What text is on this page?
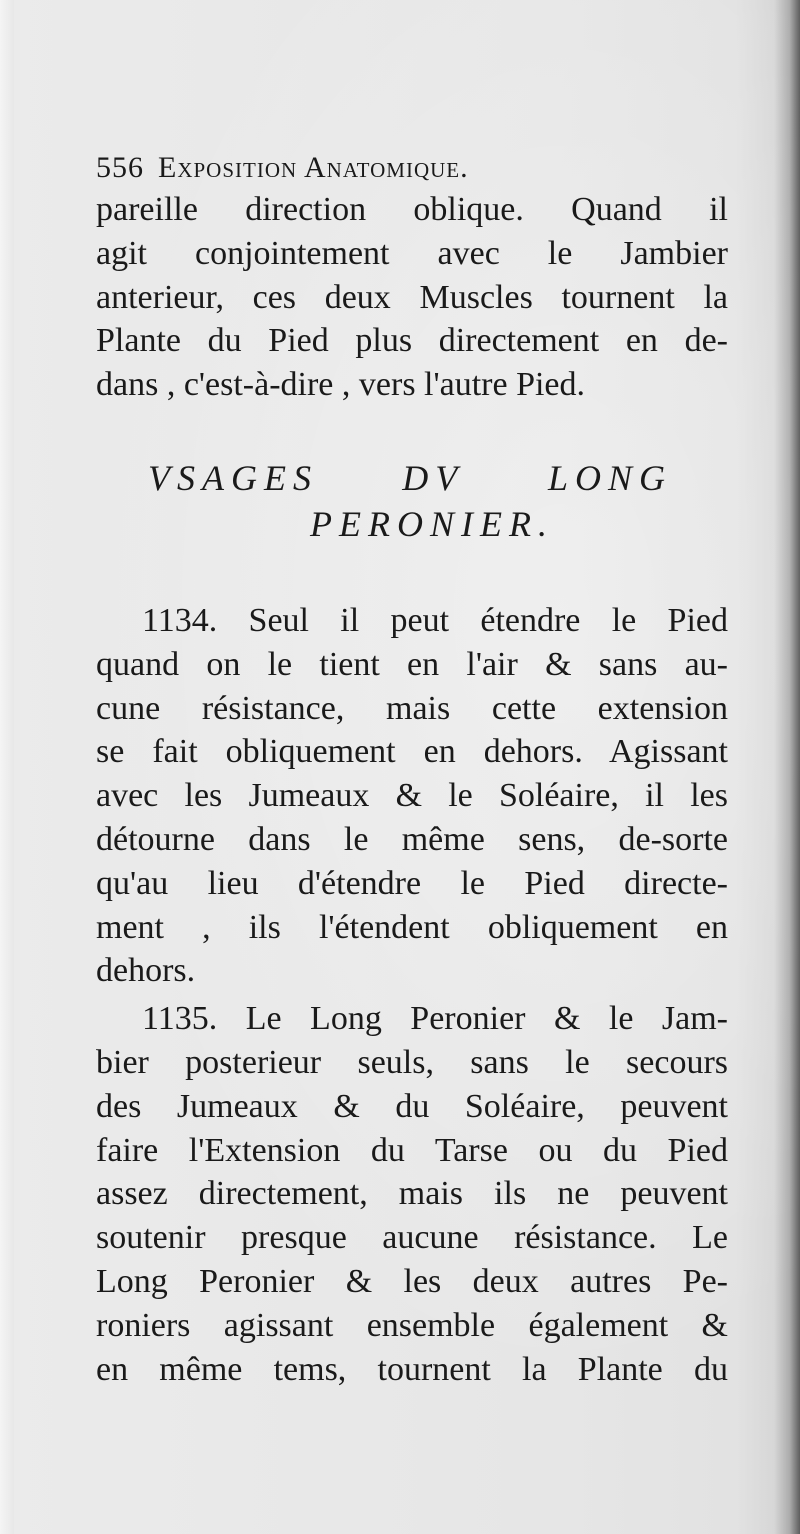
556 Exposition Anatomique.
pareille direction oblique. Quand il
agit conjointement avec le Jambier
anterieur, ces deux Muscles tournent la
Plante du Pied plus directement en de-
dans , c'est-à-dire , vers l'autre Pied.
VSAGES DV LONG
PERONIER.
1134. Seul il peut étendre le Pied
quand on le tient en l'air & sans au-
cune résistance, mais cette extension
se fait obliquement en dehors. Agissant
avec les Jumeaux & le Soléaire, il les
détourne dans le même sens, de-sorte
qu'au lieu d'étendre le Pied directe-
ment , ils l'étendent obliquement en
dehors.
1135. Le Long Peronier & le Jam-
bier posterieur seuls, sans le secours
des Jumeaux & du Soléaire, peuvent
faire l'Extension du Tarse ou du Pied
assez directement, mais ils ne peuvent
soutenir presque aucune résistance. Le
Long Peronier & les deux autres Pe-
roniers agissant ensemble également &
en même tems, tournent la Plante du
